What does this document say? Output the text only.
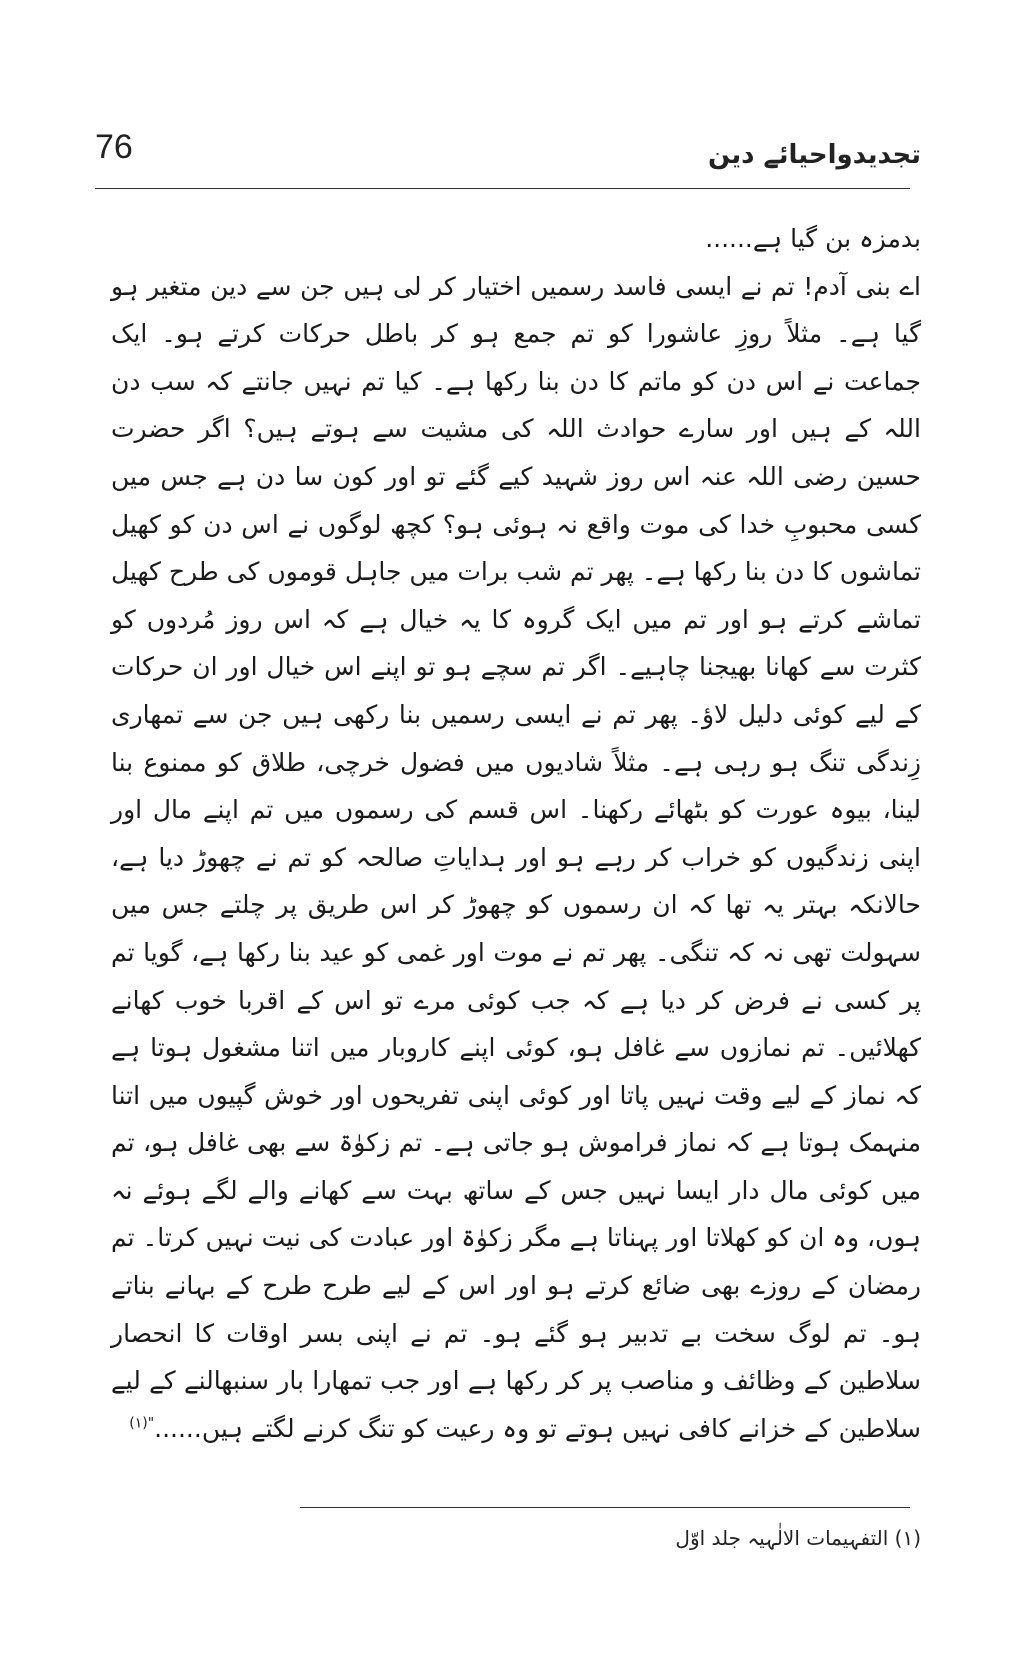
76	تجدیدواحیائے دین

بدمزہ بن گیا ہے......

اے بنی آدم! تم نے ایسی فاسد رسمیں اختیار کر لی ہیں جن سے دین متغیر ہو گیا ہے۔ مثلاً روزِ عاشورا کو تم جمع ہو کر باطل حرکات کرتے ہو۔ ایک جماعت نے اس دن کو ماتم کا دن بنا رکھا ہے۔ کیا تم نہیں جانتے کہ سب دن اللہ کے ہیں اور سارے حوادث اللہ کی مشیت سے ہوتے ہیں؟ اگر حضرت حسین رضی اللہ عنہ اس روز شہید کیے گئے تو اور کون سا دن ہے جس میں کسی محبوبِ خدا کی موت واقع نہ ہوئی ہو؟ کچھ لوگوں نے اس دن کو کھیل تماشوں کا دن بنا رکھا ہے۔ پھر تم شب برات میں جاہل قوموں کی طرح کھیل تماشے کرتے ہو اور تم میں ایک گروہ کا یہ خیال ہے کہ اس روز مُردوں کو کثرت سے کھانا بھیجنا چاہیے۔ اگر تم سچے ہو تو اپنے اس خیال اور ان حرکات کے لیے کوئی دلیل لاؤ۔ پھر تم نے ایسی رسمیں بنا رکھی ہیں جن سے تمھاری زِندگی تنگ ہو رہی ہے۔ مثلاً شادیوں میں فضول خرچی، طلاق کو ممنوع بنا لینا، بیوہ عورت کو بٹھائے رکھنا۔ اس قسم کی رسموں میں تم اپنے مال اور اپنی زندگیوں کو خراب کر رہے ہو اور ہدایاتِ صالحہ کو تم نے چھوڑ دیا ہے، حالانکہ بہتر یہ تھا کہ ان رسموں کو چھوڑ کر اس طریق پر چلتے جس میں سہولت تھی نہ کہ تنگی۔ پھر تم نے موت اور غمی کو عید بنا رکھا ہے، گویا تم پر کسی نے فرض کر دیا ہے کہ جب کوئی مرے تو اس کے اقربا خوب کھانے کھلائیں۔ تم نمازوں سے غافل ہو، کوئی اپنے کاروبار میں اتنا مشغول ہوتا ہے کہ نماز کے لیے وقت نہیں پاتا اور کوئی اپنی تفریحوں اور خوش گپیوں میں اتنا منہمک ہوتا ہے کہ نماز فراموش ہو جاتی ہے۔ تم زکوٰۃ سے بھی غافل ہو، تم میں کوئی مال دار ایسا نہیں جس کے ساتھ بہت سے کھانے والے لگے ہوئے نہ ہوں، وہ ان کو کھلاتا اور پہناتا ہے مگر زکوٰۃ اور عبادت کی نیت نہیں کرتا۔ تم رمضان کے روزے بھی ضائع کرتے ہو اور اس کے لیے طرح طرح کے بہانے بناتے ہو۔ تم لوگ سخت بے تدبیر ہو گئے ہو۔ تم نے اپنی بسر اوقات کا انحصار سلاطین کے وظائف و مناصب پر کر رکھا ہے اور جب تمھارا بار سنبھالنے کے لیے سلاطین کے خزانے کافی نہیں ہوتے تو وہ رعیت کو تنگ کرنے لگتے ہیں......$^{"(۱)}$

(۱) التفہیمات الالٰہیہ جلد اوّل
